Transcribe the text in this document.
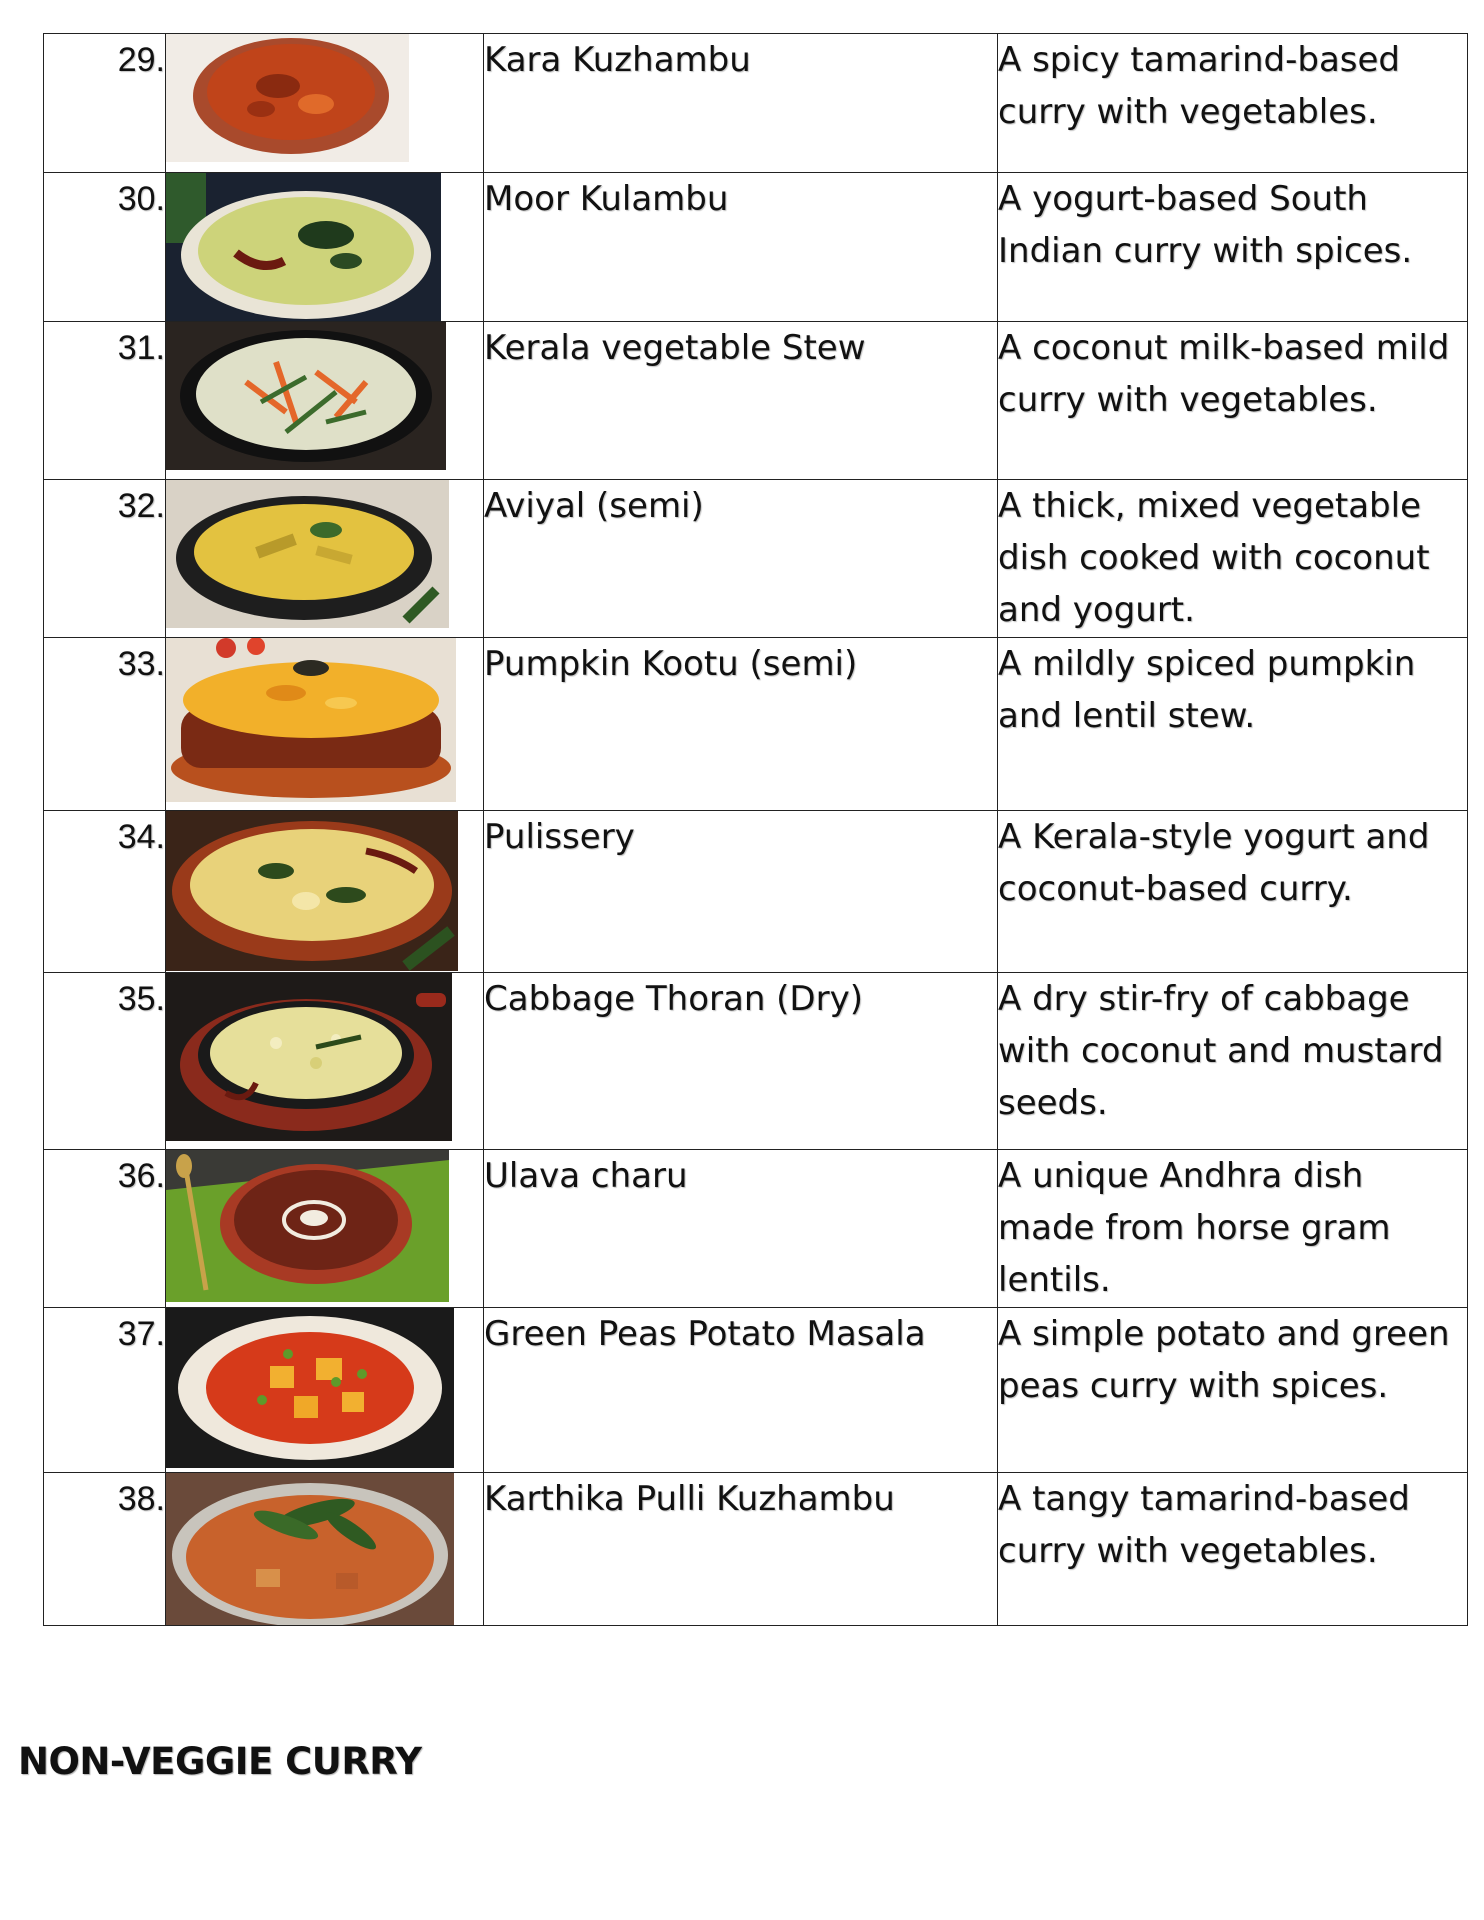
29.		Kara Kuzhambu	A spicy tamarind-based curry with vegetables.
30.		Moor Kulambu	A yogurt-based South Indian curry with spices.
31.		Kerala vegetable Stew	A coconut milk-based mild curry with vegetables.
32.		Aviyal (semi)	A thick, mixed vegetable dish cooked with coconut and yogurt.
33.		Pumpkin Kootu (semi)	A mildly spiced pumpkin and lentil stew.
34.		Pulissery	A Kerala-style yogurt and coconut-based curry.
35.		Cabbage Thoran (Dry)	A dry stir-fry of cabbage with coconut and mustard seeds.
36.		Ulava charu	A unique Andhra dish made from horse gram lentils.
37.		Green Peas Potato Masala	A simple potato and green peas curry with spices.
38.		Karthika Pulli Kuzhambu	A tangy tamarind-based curry with vegetables.
NON-VEGGIE CURRY
